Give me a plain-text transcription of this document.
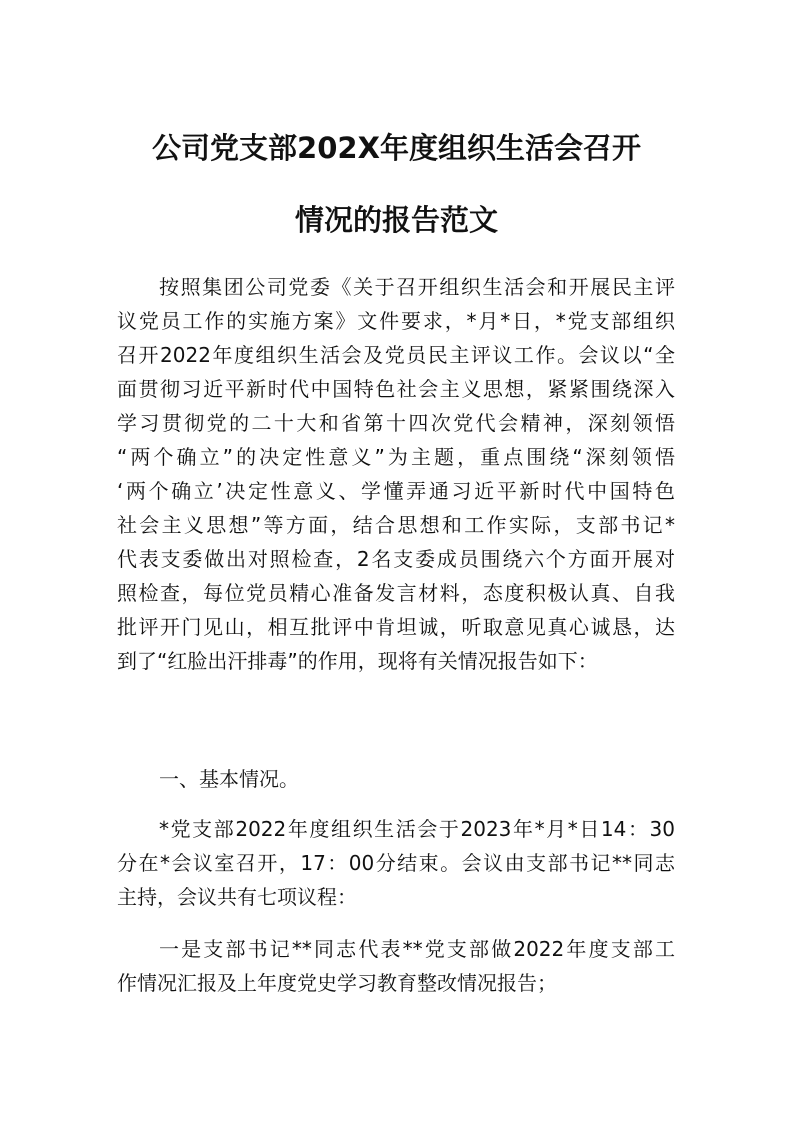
公司党支部202X年度组织生活会召开
情况的报告范文
按照集团公司党委《关于召开组织生活会和开展民主评
议党员工作的实施方案》文件要求，*月*日，*党支部组织
召开2022年度组织生活会及党员民主评议工作。会议以“全
面贯彻习近平新时代中国特色社会主义思想，紧紧围绕深入
学习贯彻党的二十大和省第十四次党代会精神，深刻领悟
“两个确立”的决定性意义”为主题，重点围绕“深刻领悟
‘两个确立’决定性意义、学懂弄通习近平新时代中国特色
社会主义思想”等方面，结合思想和工作实际，支部书记*
代表支委做出对照检查，2名支委成员围绕六个方面开展对
照检查，每位党员精心准备发言材料，态度积极认真、自我
批评开门见山，相互批评中肯坦诚，听取意见真心诚恳，达
到了“红脸出汗排毒”的作用，现将有关情况报告如下：
一、基本情况。
*党支部2022年度组织生活会于2023年*月*日14：30
分在*会议室召开，17：00分结束。会议由支部书记**同志
主持，会议共有七项议程：
一是支部书记**同志代表**党支部做2022年度支部工
作情况汇报及上年度党史学习教育整改情况报告；
